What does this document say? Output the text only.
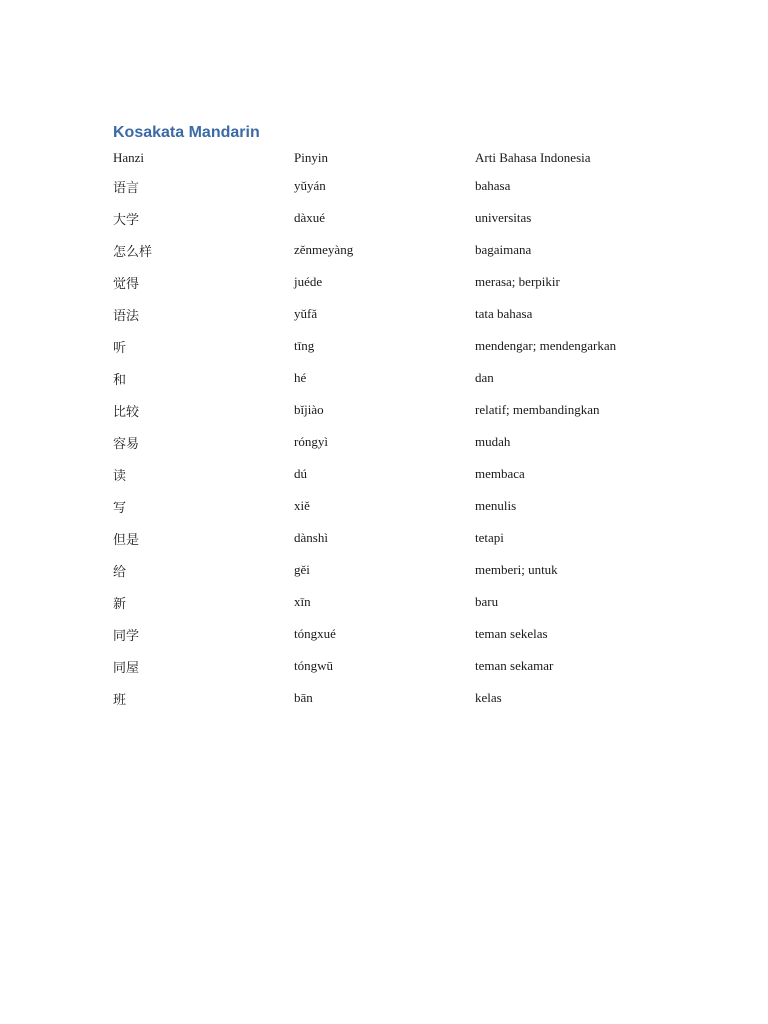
Kosakata Mandarin
Hanzi	Pinyin	Arti Bahasa Indonesia
语言	yǔyán	bahasa
大学	dàxué	universitas
怎么样	zěnmeyàng	bagaimana
觉得	juéde	merasa; berpikir
语法	yǔfǎ	tata bahasa
听	tīng	mendengar; mendengarkan
和	hé	dan
比较	bǐjiào	relatif; membandingkan
容易	róngyì	mudah
读	dú	membaca
写	xiě	menulis
但是	dànshì	tetapi
给	gěi	memberi; untuk
新	xīn	baru
同学	tóngxué	teman sekelas
同屋	tóngwū	teman sekamar
班	bān	kelas
